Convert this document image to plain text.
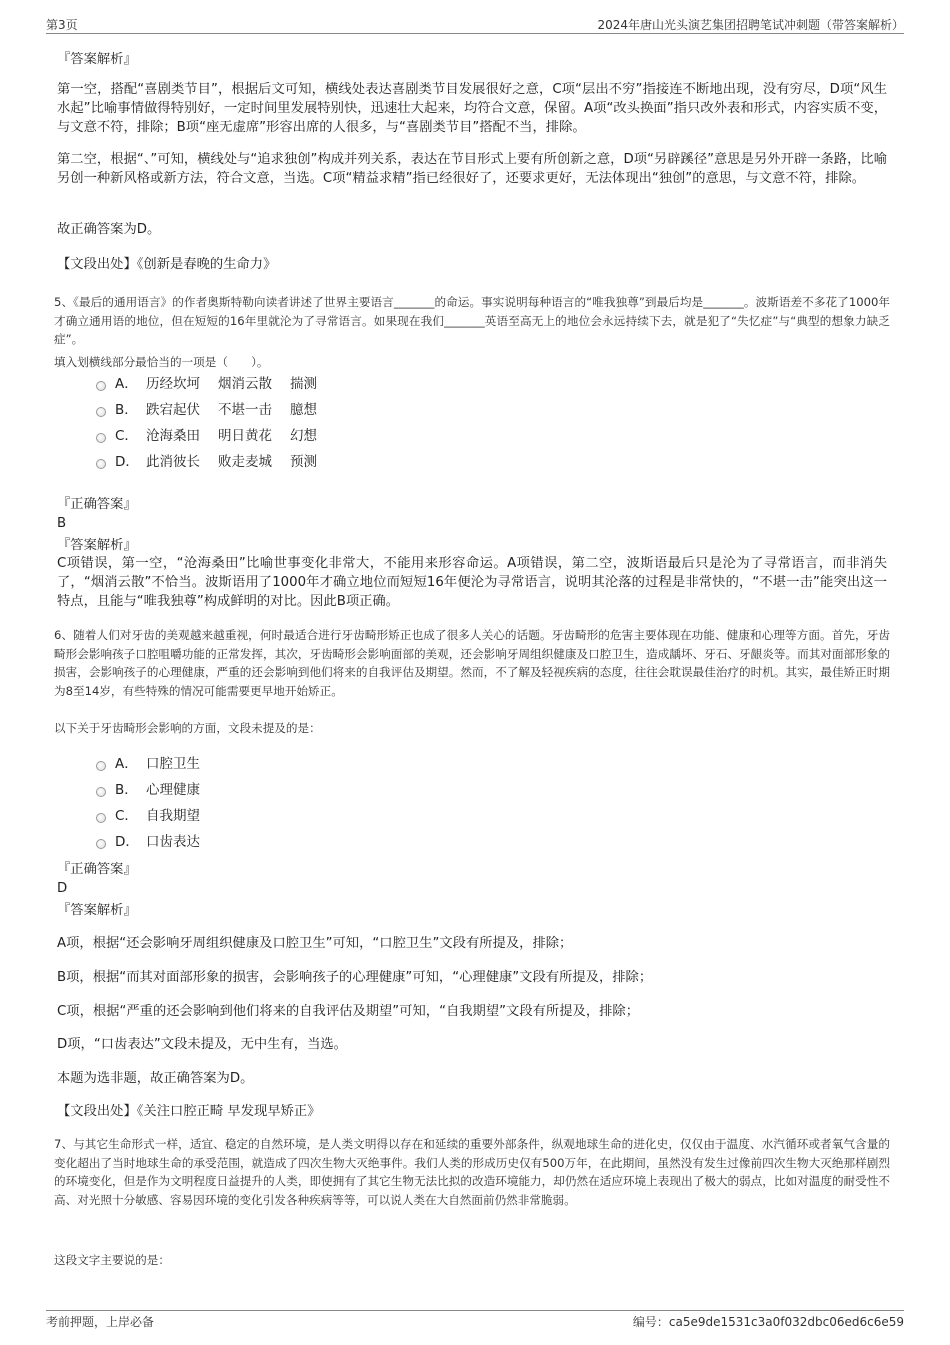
第3页	2024年唐山光头演艺集团招聘笔试冲刺题（带答案解析）
『答案解析』
第一空，搭配“喜剧类节目”，根据后文可知，横线处表达喜剧类节目发展很好之意，C项“层出不穷”指接连不断地出现，没有穷尽，D项“风生水起”比喻事情做得特别好，一定时间里发展特别快，迅速壮大起来，均符合文意，保留。A项“改头换面”指只改外表和形式，内容实质不变，与文意不符，排除；B项“座无虚席”形容出席的人很多，与“喜剧类节目”搭配不当，排除。
第二空，根据“、”可知，横线处与“追求独创”构成并列关系，表达在节目形式上要有所创新之意，D项“另辟蹊径”意思是另外开辟一条路，比喻另创一种新风格或新方法，符合文意，当选。C项“精益求精”指已经很好了，还要求更好，无法体现出“独创”的意思，与文意不符，排除。
故正确答案为D。
【文段出处】《创新是春晚的生命力》
5、《最后的通用语言》的作者奥斯特勒向读者讲述了世界主要语言_______的命运。事实说明每种语言的“唯我独尊”到最后均是_______。波斯语差不多花了1000年才确立通用语的地位，但在短短的16年里就沦为了寻常语言。如果现在我们_______英语至高无上的地位会永远持续下去，就是犯了“失忆症”与“典型的想象力缺乏症”。
填入划横线部分最恰当的一项是（　　）。
A． 历经坎坷 烟消云散 揣测
B． 跌宕起伏 不堪一击 臆想
C． 沧海桑田 明日黄花 幻想
D． 此消彼长 败走麦城 预测
『正确答案』
B
『答案解析』
C项错误，第一空，“沧海桑田”比喻世事变化非常大，不能用来形容命运。A项错误，第二空，波斯语最后只是沦为了寻常语言，而非消失了，“烟消云散”不恰当。波斯语用了1000年才确立地位而短短16年便沦为寻常语言，说明其沦落的过程是非常快的，“不堪一击”能突出这一特点，且能与“唯我独尊”构成鲜明的对比。因此B项正确。
6、随着人们对牙齿的美观越来越重视，何时最适合进行牙齿畸形矫正也成了很多人关心的话题。牙齿畸形的危害主要体现在功能、健康和心理等方面。首先，牙齿畸形会影响孩子口腔咀嚼功能的正常发挥，其次，牙齿畸形会影响面部的美观，还会影响牙周组织健康及口腔卫生，造成龋坏、牙石、牙龈炎等。而其对面部形象的损害，会影响孩子的心理健康，严重的还会影响到他们将来的自我评估及期望。然而，不了解及轻视疾病的态度，往往会耽误最佳治疗的时机。其实，最佳矫正时期为8至14岁，有些特殊的情况可能需要更早地开始矫正。
以下关于牙齿畸形会影响的方面，文段未提及的是：
A． 口腔卫生
B． 心理健康
C． 自我期望
D． 口齿表达
『正确答案』
D
『答案解析』
A项，根据“还会影响牙周组织健康及口腔卫生”可知，“口腔卫生”文段有所提及，排除；
B项，根据“而其对面部形象的损害，会影响孩子的心理健康”可知，“心理健康”文段有所提及，排除；
C项，根据“严重的还会影响到他们将来的自我评估及期望”可知，“自我期望”文段有所提及，排除；
D项，“口齿表达”文段未提及，无中生有，当选。
本题为选非题，故正确答案为D。
【文段出处】《关注口腔正畸 早发现早矫正》
7、与其它生命形式一样，适宜、稳定的自然环境，是人类文明得以存在和延续的重要外部条件，纵观地球生命的进化史，仅仅由于温度、水汽循环或者氧气含量的变化超出了当时地球生命的承受范围，就造成了四次生物大灭绝事件。我们人类的形成历史仅有500万年，在此期间，虽然没有发生过像前四次生物大灭绝那样剧烈的环境变化，但是作为文明程度日益提升的人类，即使拥有了其它生物无法比拟的改造环境能力，却仍然在适应环境上表现出了极大的弱点，比如对温度的耐受性不高、对光照十分敏感、容易因环境的变化引发各种疾病等等，可以说人类在大自然面前仍然非常脆弱。
这段文字主要说的是：
考前押题，上岸必备	编号：ca5e9de1531c3a0f032dbc06ed6c6e59
